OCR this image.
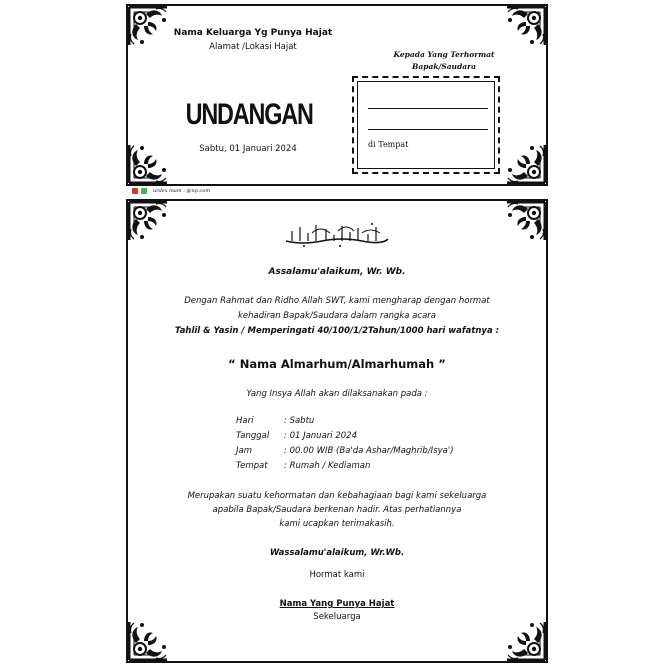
Nama Keluarga Yg Punya Hajat
Alamat /Lokasi Hajat
UNDANGAN
Sabtu, 01 Januari 2024
Kepada Yang Terhormat
Bapak/Saudara
di Tempat
urdex mam : @np.com
Assalamu'alaikum, Wr. Wb.
Dengan Rahmat dan Ridho Allah SWT, kami mengharap dengan hormat
kehadiran Bapak/Saudara dalam rangka acara
Tahlil & Yasin / Memperingati 40/100/1/2Tahun/1000 hari wafatnya :
“ Nama Almarhum/Almarhumah ”
Yang Insya Allah akan dilaksanakan pada :
Hari	: Sabtu
Tanggal	: 01 Januari 2024
Jam	: 00.00 WIB (Ba'da Ashar/Maghrib/Isya')
Tempat	: Rumah / Kediaman
Merupakan suatu kehormatan dan kebahagiaan bagi kami sekeluarga
apabila Bapak/Saudara berkenan hadir. Atas perhatiannya
kami ucapkan terimakasih.
Wassalamu'alaikum, Wr.Wb.
Hormat kami
Nama Yang Punya Hajat
Sekeluarga
